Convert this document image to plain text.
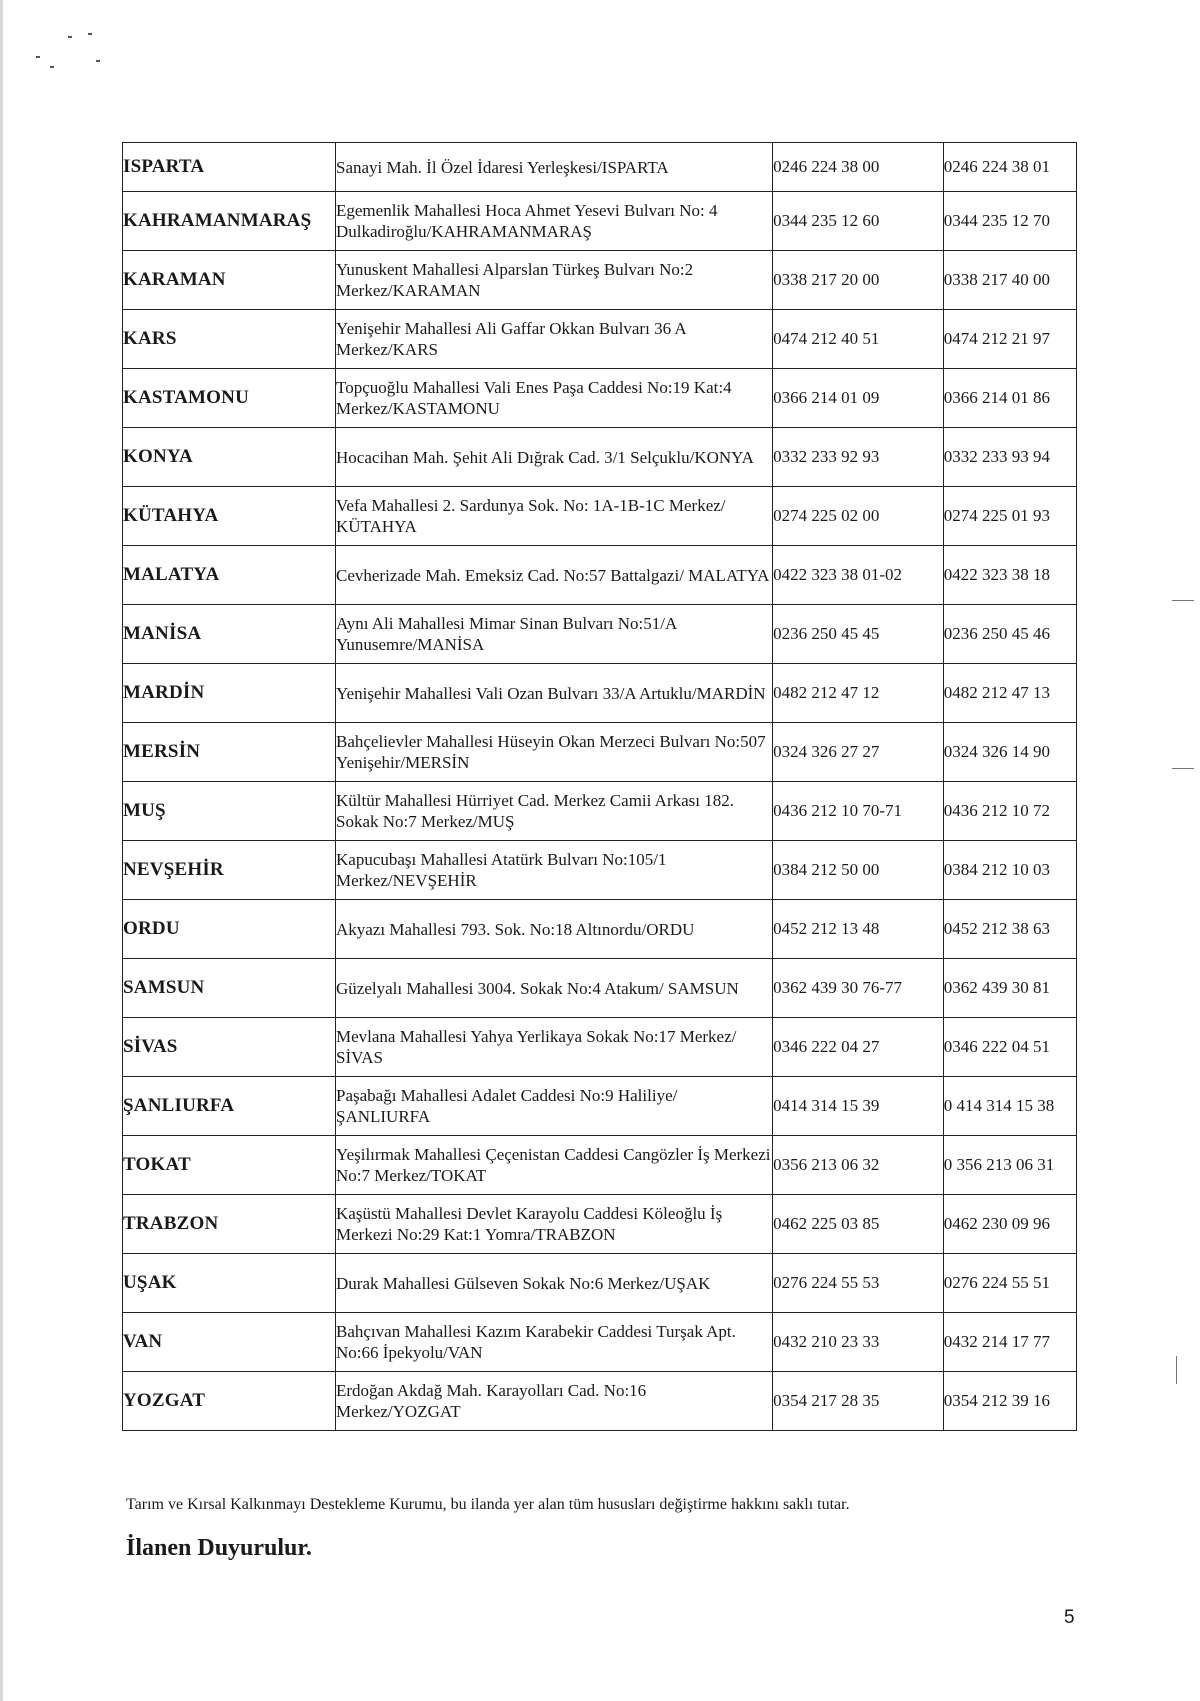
ISPARTA	Sanayi Mah. İl Özel İdaresi Yerleşkesi/ISPARTA	0246 224 38 00	0246 224 38 01
KAHRAMANMARAŞ	Egemenlik Mahallesi Hoca Ahmet Yesevi Bulvarı No: 4 Dulkadiroğlu/KAHRAMANMARAŞ	0344 235 12 60	0344 235 12 70
KARAMAN	Yunuskent Mahallesi Alparslan Türkeş Bulvarı No:2 Merkez/KARAMAN	0338 217 20 00	0338 217 40 00
KARS	Yenişehir Mahallesi Ali Gaffar Okkan Bulvarı 36 A Merkez/KARS	0474 212 40 51	0474 212 21 97
KASTAMONU	Topçuoğlu Mahallesi Vali Enes Paşa Caddesi No:19 Kat:4 Merkez/KASTAMONU	0366 214 01 09	0366 214 01 86
KONYA	Hocacihan Mah. Şehit Ali Dığrak Cad. 3/1 Selçuklu/KONYA	0332 233 92 93	0332 233 93 94
KÜTAHYA	Vefa Mahallesi 2. Sardunya Sok. No: 1A-1B-1C Merkez/ KÜTAHYA	0274 225 02 00	0274 225 01 93
MALATYA	Cevherizade Mah. Emeksiz Cad. No:57 Battalgazi/ MALATYA	0422 323 38 01-02	0422 323 38 18
MANİSA	Aynı Ali Mahallesi Mimar Sinan Bulvarı No:51/A Yunusemre/MANİSA	0236 250 45 45	0236 250 45 46
MARDİN	Yenişehir Mahallesi Vali Ozan Bulvarı 33/A Artuklu/MARDİN	0482 212 47 12	0482 212 47 13
MERSİN	Bahçelievler Mahallesi Hüseyin Okan Merzeci Bulvarı No:507 Yenişehir/MERSİN	0324 326 27 27	0324 326 14 90
MUŞ	Kültür Mahallesi Hürriyet Cad. Merkez Camii Arkası 182. Sokak No:7 Merkez/MUŞ	0436 212 10 70-71	0436 212 10 72
NEVŞEHİR	Kapucubaşı Mahallesi Atatürk Bulvarı No:105/1 Merkez/NEVŞEHİR	0384 212 50 00	0384 212 10 03
ORDU	Akyazı Mahallesi 793. Sok. No:18 Altınordu/ORDU	0452 212 13 48	0452 212 38 63
SAMSUN	Güzelyalı Mahallesi 3004. Sokak No:4 Atakum/ SAMSUN	0362 439 30 76-77	0362 439 30 81
SİVAS	Mevlana Mahallesi Yahya Yerlikaya Sokak No:17 Merkez/ SİVAS	0346 222 04 27	0346 222 04 51
ŞANLIURFA	Paşabağı Mahallesi Adalet Caddesi No:9 Haliliye/ ŞANLIURFA	0414 314 15 39	0 414 314 15 38
TOKAT	Yeşilırmak Mahallesi Çeçenistan Caddesi Cangözler İş Merkezi No:7 Merkez/TOKAT	0356 213 06 32	0 356 213 06 31
TRABZON	Kaşüstü Mahallesi Devlet Karayolu Caddesi Köleoğlu İş Merkezi No:29 Kat:1 Yomra/TRABZON	0462 225 03 85	0462 230 09 96
UŞAK	Durak Mahallesi Gülseven Sokak No:6 Merkez/UŞAK	0276 224 55 53	0276 224 55 51
VAN	Bahçıvan Mahallesi Kazım Karabekir Caddesi Turşak Apt. No:66 İpekyolu/VAN	0432 210 23 33	0432 214 17 77
YOZGAT	Erdoğan Akdağ Mah. Karayolları Cad. No:16 Merkez/YOZGAT	0354 217 28 35	0354 212 39 16
Tarım ve Kırsal Kalkınmayı Destekleme Kurumu, bu ilanda yer alan tüm hususları değiştirme hakkını saklı tutar.
İlanen Duyurulur.
5
